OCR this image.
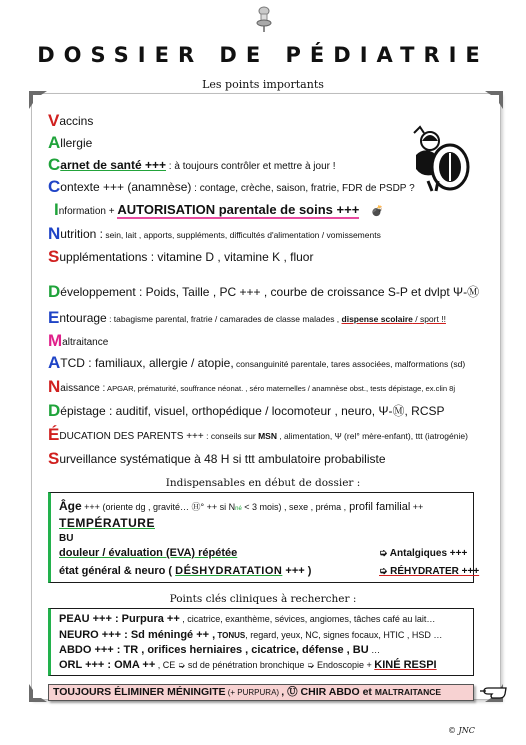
DOSSIER DE PÉDIATRIE
Les points importants
Vaccins
Allergie
Carnet de santé +++ : à toujours contrôler et mettre à jour !
Contexte +++ (anamnèse) : contage, crèche, saison, fratrie, FDR de PSDP ?
Information + AUTORISATION parentale de soins +++ 💣
Nutrition : sein, lait , apports, suppléments, difficultés d'alimentation / vomissements
Supplémentations : vitamine D , vitamine K , fluor
Développement : Poids, Taille , PC +++ , courbe de croissance S-P et dvlpt Ψ-Ⓜ
Entourage : tabagisme parental, fratrie / camarades de classe malades , dispense scolaire / sport !!
Maltraitance
ATCD : familiaux, allergie / atopie, consanguinité parentale, tares associées, malformations (sd)
Naissance : APGAR, prématurité, souffrance néonat. , séro maternelles / anamnèse obst., tests dépistage, ex.clin 8j
Dépistage : auditif, visuel, orthopédique / locomoteur , neuro, Ψ-Ⓜ, RCSP
ÉDUCATION DES PARENTS +++ : conseils sur MSN , alimentation, Ψ (rel° mère-enfant), ttt (iatrogénie)
Surveillance systématique à 48 H si ttt ambulatoire probabiliste
Indispensables en début de dossier :
Âge +++ (oriente dg , gravité… Ⓗ° ++ si Nné < 3 mois) , sexe , préma , profil familial ++
TEMPÉRATURE
BU
douleur / évaluation (EVA) répétée	➭ Antalgiques +++
état général & neuro ( DÉSHYDRATATION +++ )	➭ RÉHYDRATER +++
Points clés cliniques à rechercher :
PEAU +++ : Purpura ++ , cicatrice, exanthème, sévices, angiomes, tâches café au lait…
NEURO +++ : Sd méningé ++ , TONUS, regard, yeux, NC, signes focaux, HTIC , HSD …
ABDO +++ : TR , orifices herniaires , cicatrice, défense , BU …
ORL +++ : OMA ++ , CE ➭ sd de pénétration bronchique ➭ Endoscopie + KINÉ RESPI
TOUJOURS ÉLIMINER MÉNINGITE (+ PURPURA) , Ⓤ CHIR ABDO et MALTRAITANCE
© JNC
